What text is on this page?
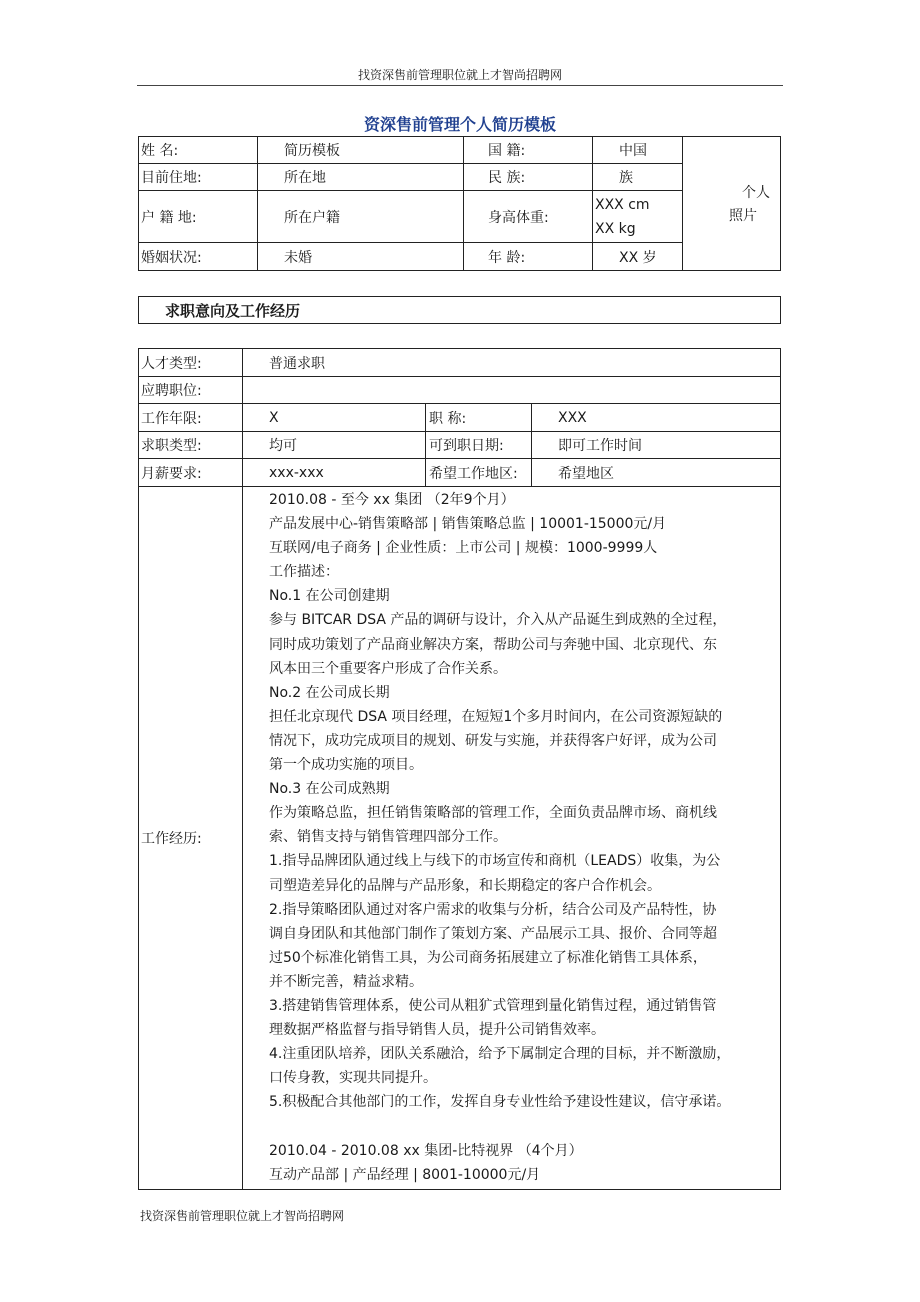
找资深售前管理职位就上才智尚招聘网
资深售前管理个人简历模板
姓 名:	简历模板	国 籍:	中国
目前住地:	所在地	民 族:	族
户 籍 地:	所在户籍	身高体重:
XXX cm
XX kg
婚姻状况:	未婚	年 龄:	XX 岁
个人
照片
求职意向及工作经历
人才类型:	普通求职
应聘职位:
工作年限:	X	职 称:	XXX
求职类型:	均可	可到职日期:	即可工作时间
月薪要求:	xxx-xxx	希望工作地区:	希望地区
工作经历:
2010.08 - 至今 xx 集团 （2年9个月）
产品发展中心-销售策略部 | 销售策略总监 | 10001-15000元/月
互联网/电子商务 | 企业性质：上市公司 | 规模：1000-9999人
工作描述：
No.1 在公司创建期
参与 BITCAR DSA 产品的调研与设计，介入从产品诞生到成熟的全过程，
同时成功策划了产品商业解决方案，帮助公司与奔驰中国、北京现代、东
风本田三个重要客户形成了合作关系。
No.2 在公司成长期
担任北京现代 DSA 项目经理，在短短1个多月时间内，在公司资源短缺的
情况下，成功完成项目的规划、研发与实施，并获得客户好评，成为公司
第一个成功实施的项目。
No.3 在公司成熟期
作为策略总监，担任销售策略部的管理工作，全面负责品牌市场、商机线
索、销售支持与销售管理四部分工作。
1.指导品牌团队通过线上与线下的市场宣传和商机（LEADS）收集，为公
司塑造差异化的品牌与产品形象，和长期稳定的客户合作机会。
2.指导策略团队通过对客户需求的收集与分析，结合公司及产品特性，协
调自身团队和其他部门制作了策划方案、产品展示工具、报价、合同等超
过50个标准化销售工具，为公司商务拓展建立了标准化销售工具体系，
并不断完善，精益求精。
3.搭建销售管理体系，使公司从粗犷式管理到量化销售过程，通过销售管
理数据严格监督与指导销售人员，提升公司销售效率。
4.注重团队培养，团队关系融洽，给予下属制定合理的目标，并不断激励，
口传身教，实现共同提升。
5.积极配合其他部门的工作，发挥自身专业性给予建设性建议，信守承诺。
2010.04 - 2010.08 xx 集团-比特视界 （4个月）
互动产品部 | 产品经理 | 8001-10000元/月
找资深售前管理职位就上才智尚招聘网
